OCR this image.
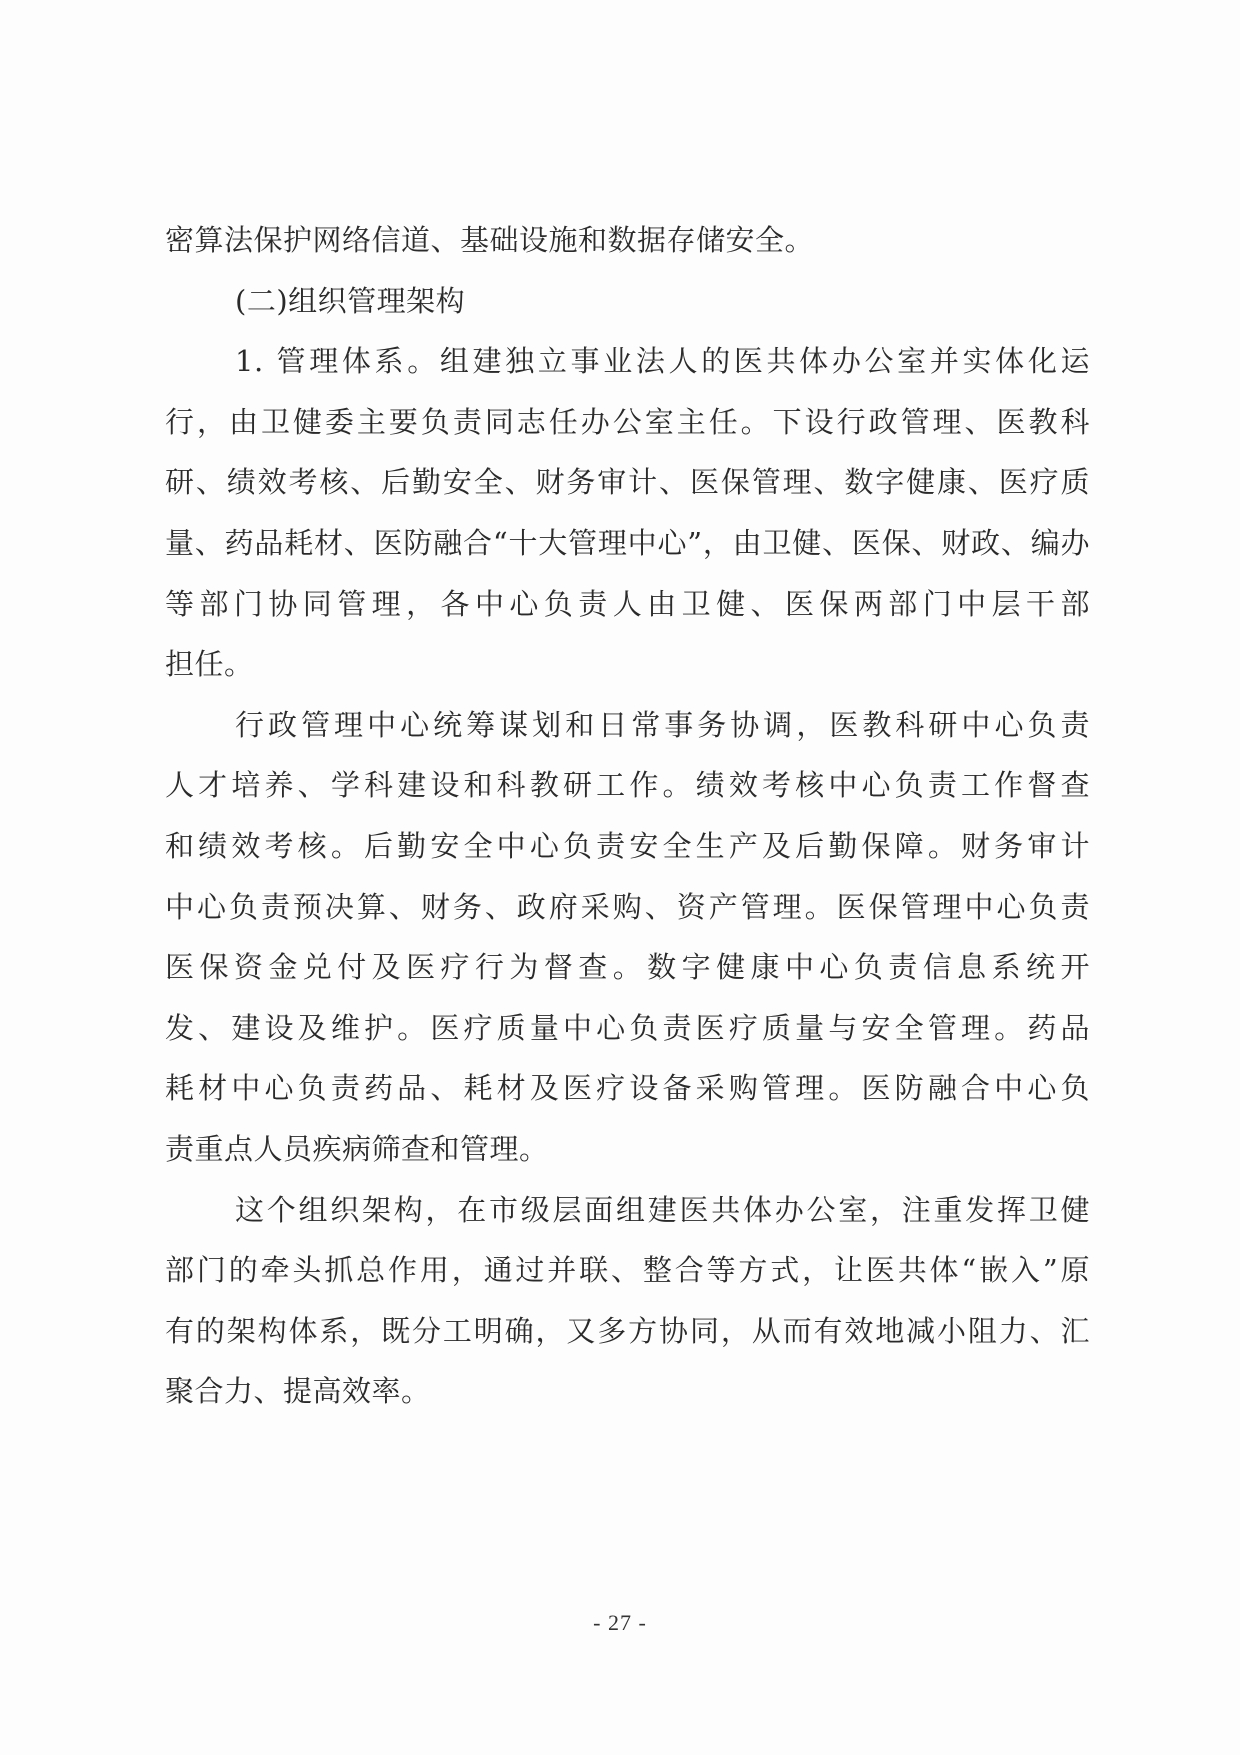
密算法保护网络信道、基础设施和数据存储安全。
(二)组织管理架构
1. 管理体系。组建独立事业法人的医共体办公室并实体化运
行，由卫健委主要负责同志任办公室主任。下设行政管理、医教科
研、绩效考核、后勤安全、财务审计、医保管理、数字健康、医疗质
量、药品耗材、医防融合“十大管理中心”，由卫健、医保、财政、编办
等部门协同管理，各中心负责人由卫健、医保两部门中层干部
担任。
行政管理中心统筹谋划和日常事务协调，医教科研中心负责
人才培养、学科建设和科教研工作。绩效考核中心负责工作督查
和绩效考核。后勤安全中心负责安全生产及后勤保障。财务审计
中心负责预决算、财务、政府采购、资产管理。医保管理中心负责
医保资金兑付及医疗行为督查。数字健康中心负责信息系统开
发、建设及维护。医疗质量中心负责医疗质量与安全管理。药品
耗材中心负责药品、耗材及医疗设备采购管理。医防融合中心负
责重点人员疾病筛查和管理。
这个组织架构，在市级层面组建医共体办公室，注重发挥卫健
部门的牵头抓总作用，通过并联、整合等方式，让医共体“嵌入”原
有的架构体系，既分工明确，又多方协同，从而有效地减小阻力、汇
聚合力、提高效率。
- 27 -
